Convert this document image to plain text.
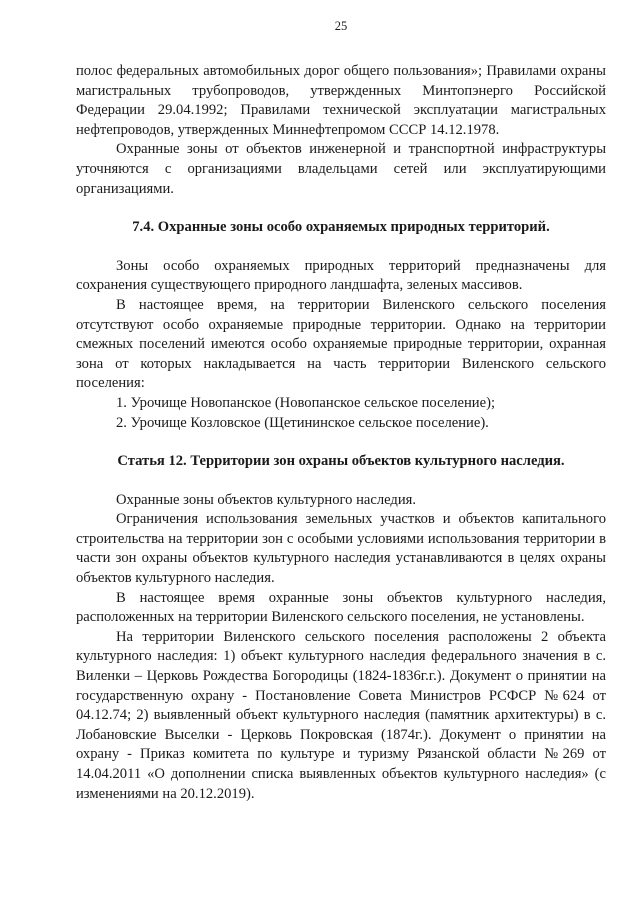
25

полос федеральных автомобильных дорог общего пользования»; Правилами охраны магистральных трубопроводов, утвержденных Минтопэнерго Российской Федерации 29.04.1992; Правилами технической эксплуатации магистральных нефтепроводов, утвержденных Миннефтепромом СССР 14.12.1978.

Охранные зоны от объектов инженерной и транспортной инфраструктуры уточняются с организациями владельцами сетей или эксплуатирующими организациями.

7.4. Охранные зоны особо охраняемых природных территорий.

Зоны особо охраняемых природных территорий предназначены для сохранения существующего природного ландшафта, зеленых массивов.

В настоящее время, на территории Виленского сельского поселения отсутствуют особо охраняемые природные территории. Однако на территории смежных поселений имеются особо охраняемые природные территории, охранная зона от которых накладывается на часть территории Виленского сельского поселения:

1. Урочище Новопанское (Новопанское сельское поселение);

2. Урочище Козловское (Щетининское сельское поселение).

Статья 12. Территории зон охраны объектов культурного наследия.

Охранные зоны объектов культурного наследия.

Ограничения использования земельных участков и объектов капитального строительства на территории зон с особыми условиями использования территории в части зон охраны объектов культурного наследия устанавливаются в целях охраны объектов культурного наследия.

В настоящее время охранные зоны объектов культурного наследия, расположенных на территории Виленского сельского поселения, не установлены.

На территории Виленского сельского поселения расположены 2 объекта культурного наследия: 1) объект культурного наследия федерального значения в с. Виленки – Церковь Рождества Богородицы (1824-1836г.г.). Документ о принятии на государственную охрану - Постановление Совета Министров РСФСР №624 от 04.12.74; 2) выявленный объект культурного наследия (памятник архитектуры) в с. Лобановские Выселки - Церковь Покровская (1874г.). Документ о принятии на охрану - Приказ комитета по культуре и туризму Рязанской области №269 от 14.04.2011 «О дополнении списка выявленных объектов культурного наследия» (с изменениями на 20.12.2019).
